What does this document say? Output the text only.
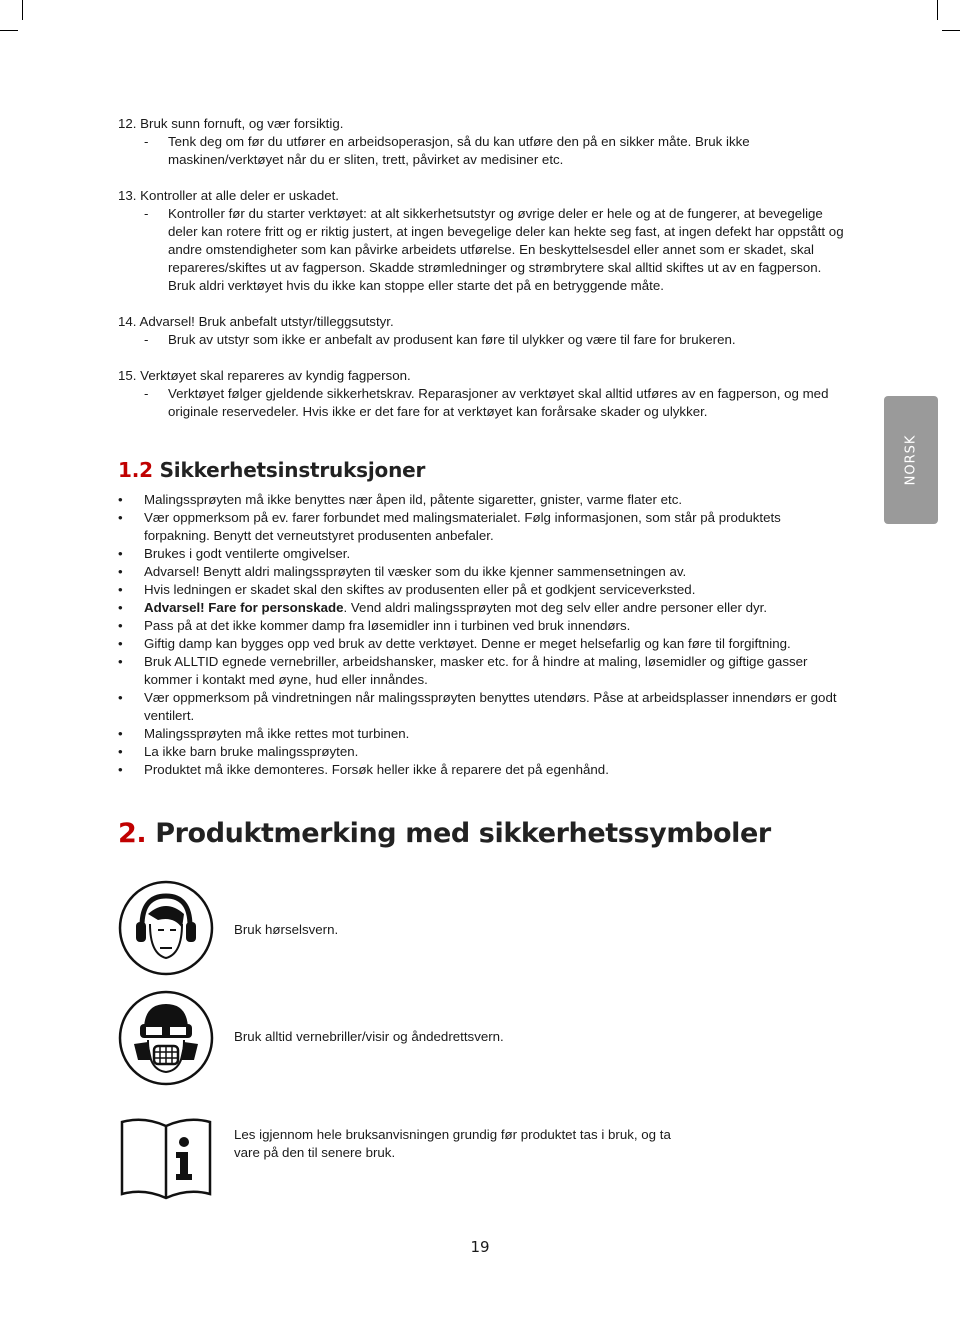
12. Bruk sunn fornuft, og vær forsiktig.
- Tenk deg om før du utfører en arbeidsoperasjon, så du kan utføre den på en sikker måte. Bruk ikke maskinen/verktøyet når du er sliten, trett, påvirket av medisiner etc.
13. Kontroller at alle deler er uskadet.
- Kontroller før du starter verktøyet: at alt sikkerhetsutstyr og øvrige deler er hele og at de fungerer, at bevegelige deler kan rotere fritt og er riktig justert, at ingen bevegelige deler kan hekte seg fast, at ingen defekt har oppstått og andre omstendigheter som kan påvirke arbeidets utførelse. En beskyttelsesdel eller annet som er skadet, skal repareres/skiftes ut av fagperson. Skadde strømledninger og strømbrytere skal alltid skiftes ut av en fagperson. Bruk aldri verktøyet hvis du ikke kan stoppe eller starte det på en betryggende måte.
14. Advarsel! Bruk anbefalt utstyr/tilleggsutstyr.
- Bruk av utstyr som ikke er anbefalt av produsent kan føre til ulykker og være til fare for brukeren.
15. Verktøyet skal repareres av kyndig fagperson.
- Verktøyet følger gjeldende sikkerhetskrav. Reparasjoner av verktøyet skal alltid utføres av en fagperson, og med originale reservedeler. Hvis ikke er det fare for at verktøyet kan forårsake skader og ulykker.
NORSK
1.2 Sikkerhetsinstruksjoner
• Malingssprøyten må ikke benyttes nær åpen ild, påtente sigaretter, gnister, varme flater etc.
• Vær oppmerksom på ev. farer forbundet med malingsmaterialet. Følg informasjonen, som står på produktets forpakning. Benytt det verneutstyret produsenten anbefaler.
• Brukes i godt ventilerte omgivelser.
• Advarsel! Benytt aldri malingssprøyten til væsker som du ikke kjenner sammensetningen av.
• Hvis ledningen er skadet skal den skiftes av produsenten eller på et godkjent serviceverksted.
• Advarsel! Fare for personskade. Vend aldri malingssprøyten mot deg selv eller andre personer eller dyr.
• Pass på at det ikke kommer damp fra løsemidler inn i turbinen ved bruk innendørs.
• Giftig damp kan bygges opp ved bruk av dette verktøyet. Denne er meget helsefarlig og kan føre til forgiftning.
• Bruk ALLTID egnede vernebriller, arbeidshansker, masker etc. for å hindre at maling, løsemidler og giftige gasser kommer i kontakt med øyne, hud eller innåndes.
• Vær oppmerksom på vindretningen når malingssprøyten benyttes utendørs. Påse at arbeidsplasser innendørs er godt ventilert.
• Malingssprøyten må ikke rettes mot turbinen.
• La ikke barn bruke malingssprøyten.
• Produktet må ikke demonteres. Forsøk heller ikke å reparere det på egenhånd.
2. Produktmerking med sikkerhetssymboler
Bruk hørselsvern.
Bruk alltid vernebriller/visir og åndedrettsvern.
Les igjennom hele bruksanvisningen grundig før produktet tas i bruk, og ta vare på den til senere bruk.
19
